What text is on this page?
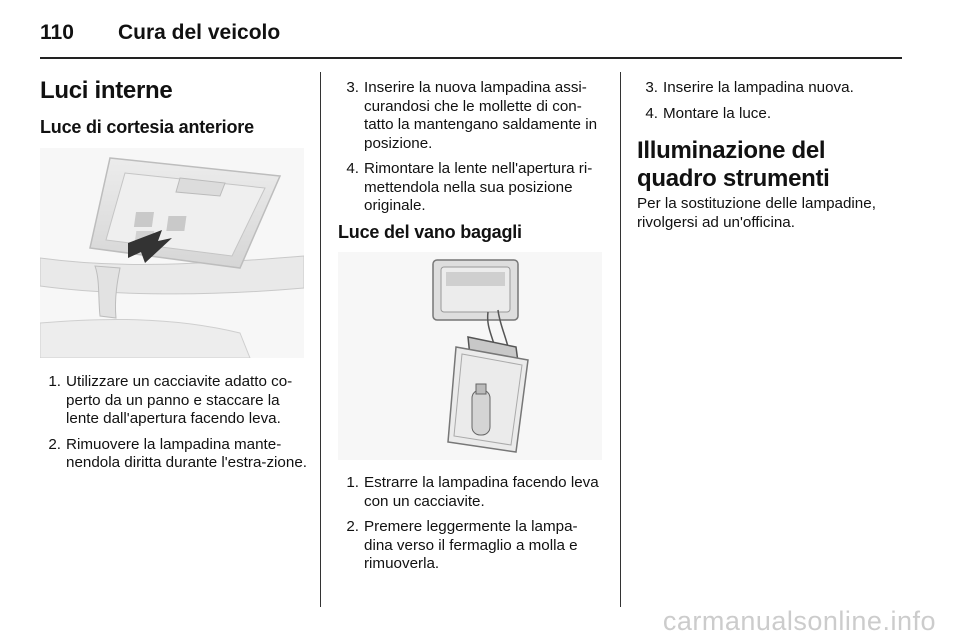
110 Cura del veicolo
Luci interne
Luce di cortesia anteriore
1. Utilizzare un cacciavite adatto co-perto da un panno e staccare la lente dall'apertura facendo leva.
2. Rimuovere la lampadina mante-nendola diritta durante l'estra-zione.
3. Inserire la nuova lampadina assi-curandosi che le mollette di con-tatto la mantengano saldamente in posizione.
4. Rimontare la lente nell'apertura ri-mettendola nella sua posizione originale.
Luce del vano bagagli
1. Estrarre la lampadina facendo leva con un cacciavite.
2. Premere leggermente la lampa-dina verso il fermaglio a molla e rimuoverla.
3. Inserire la lampadina nuova.
4. Montare la luce.
Illuminazione del quadro strumenti
Per la sostituzione delle lampadine, rivolgersi ad un'officina.
carmanualsonline.info
